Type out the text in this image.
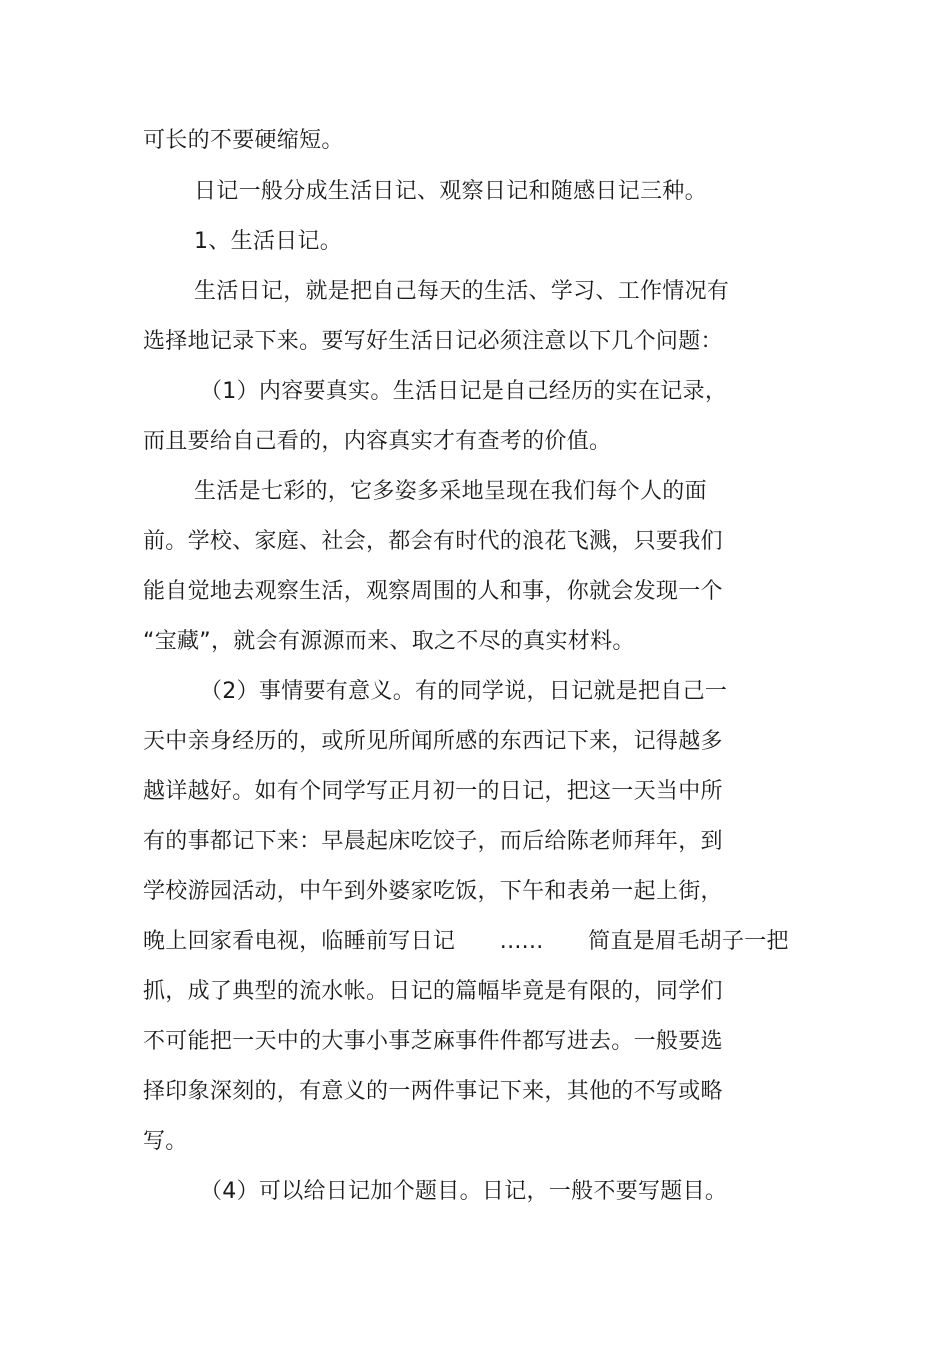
可长的不要硬缩短。
日记一般分成生活日记、观察日记和随感日记三种。
1、生活日记。
生活日记，就是把自己每天的生活、学习、工作情况有
选择地记录下来。要写好生活日记必须注意以下几个问题：
（1）内容要真实。生活日记是自己经历的实在记录，
而且要给自己看的，内容真实才有查考的价值。
生活是七彩的，它多姿多采地呈现在我们每个人的面
前。学校、家庭、社会，都会有时代的浪花飞溅，只要我们
能自觉地去观察生活，观察周围的人和事，你就会发现一个
“宝藏”，就会有源源而来、取之不尽的真实材料。
（2）事情要有意义。有的同学说，日记就是把自己一
天中亲身经历的，或所见所闻所感的东西记下来，记得越多
越详越好。如有个同学写正月初一的日记，把这一天当中所
有的事都记下来：早晨起床吃饺子，而后给陈老师拜年，到
学校游园活动，中午到外婆家吃饭，下午和表弟一起上街，
晚上回家看电视，临睡前写日记　　......　　简直是眉毛胡子一把
抓，成了典型的流水帐。日记的篇幅毕竟是有限的，同学们
不可能把一天中的大事小事芝麻事件件都写进去。一般要选
择印象深刻的，有意义的一两件事记下来，其他的不写或略
写。
（4）可以给日记加个题目。日记，一般不要写题目。
